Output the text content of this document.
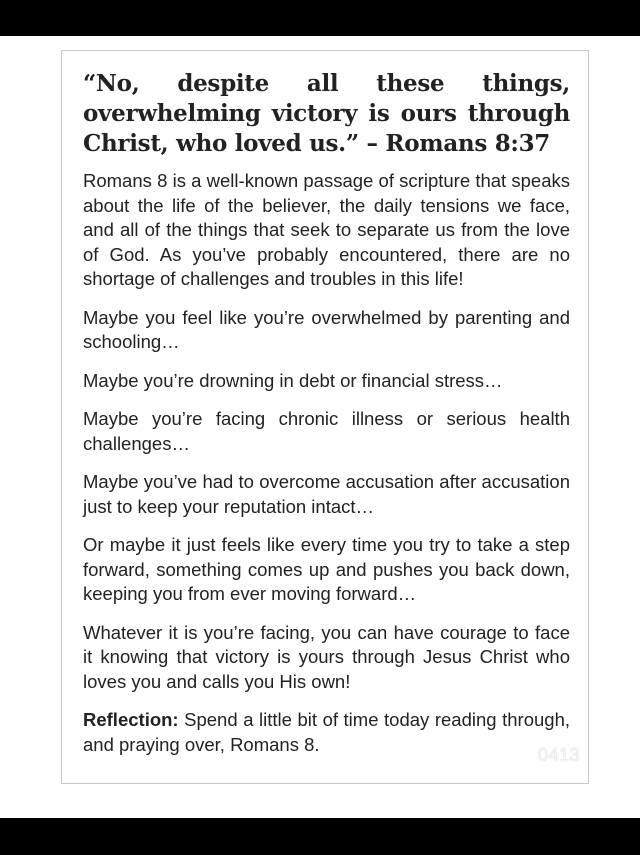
“No, despite all these things, overwhelming victory is ours through Christ, who loved us.” – Romans 8:37

Romans 8 is a well-known passage of scripture that speaks about the life of the believer, the daily tensions we face, and all of the things that seek to separate us from the love of God. As you’ve probably encountered, there are no shortage of challenges and troubles in this life!

Maybe you feel like you’re overwhelmed by parenting and schooling…

Maybe you’re drowning in debt or financial stress…

Maybe you’re facing chronic illness or serious health challenges…

Maybe you’ve had to overcome accusation after accusation just to keep your reputation intact…

Or maybe it just feels like every time you try to take a step forward, something comes up and pushes you back down, keeping you from ever moving forward…

Whatever it is you’re facing, you can have courage to face it knowing that victory is yours through Jesus Christ who loves you and calls you His own!

Reflection: Spend a little bit of time today reading through, and praying over, Romans 8.

0413
